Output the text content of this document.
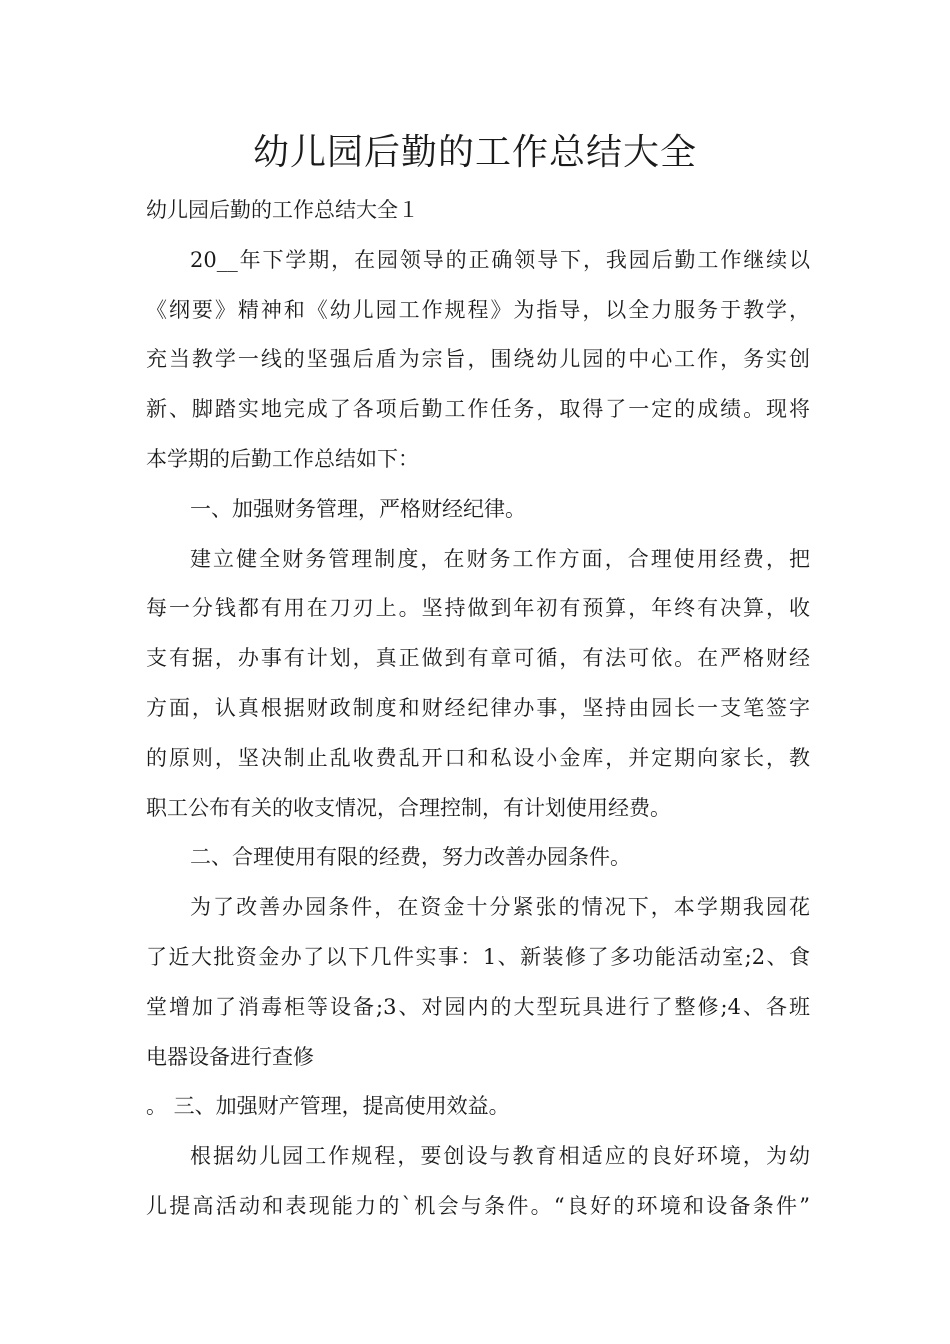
幼儿园后勤的工作总结大全
幼儿园后勤的工作总结大全１
20__年下学期，在园领导的正确领导下，我园后勤工作继续以
《纲要》精神和《幼儿园工作规程》为指导，以全力服务于教学，
充当教学一线的坚强后盾为宗旨，围绕幼儿园的中心工作，务实创
新、脚踏实地完成了各项后勤工作任务，取得了一定的成绩。现将
本学期的后勤工作总结如下：
一、加强财务管理，严格财经纪律。
建立健全财务管理制度，在财务工作方面，合理使用经费，把
每一分钱都有用在刀刃上。坚持做到年初有预算，年终有决算，收
支有据，办事有计划，真正做到有章可循，有法可依。在严格财经
方面，认真根据财政制度和财经纪律办事，坚持由园长一支笔签字
的原则，坚决制止乱收费乱开口和私设小金库，并定期向家长，教
职工公布有关的收支情况，合理控制，有计划使用经费。
二、合理使用有限的经费，努力改善办园条件。
为了改善办园条件，在资金十分紧张的情况下，本学期我园花
了近大批资金办了以下几件实事：1、新装修了多功能活动室;2、食
堂增加了消毒柜等设备;3、对园内的大型玩具进行了整修;4、各班
电器设备进行查修
。 三、加强财产管理，提高使用效益。
根据幼儿园工作规程，要创设与教育相适应的良好环境，为幼
儿提高活动和表现能力的`机会与条件。“良好的环境和设备条件”
